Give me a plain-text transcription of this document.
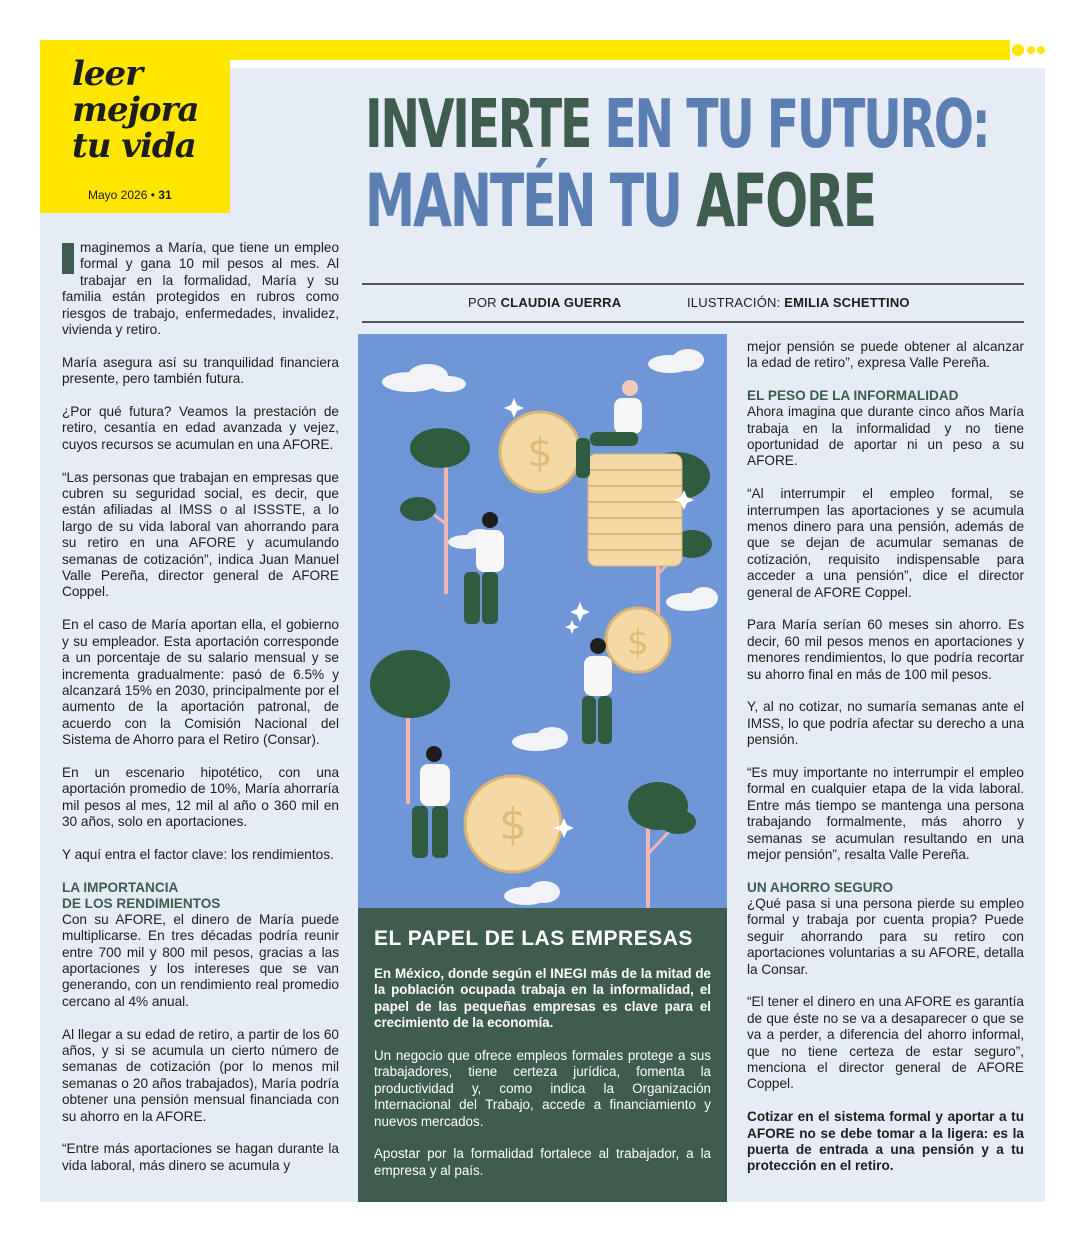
leer
mejora
tu vida
Mayo 2026 • 31
INVIERTE EN TU FUTURO:
MANTÉN TU AFORE
POR CLAUDIA GUERRA	ILUSTRACIÓN: EMILIA SCHETTINO

maginemos a María, que tiene un empleo formal y gana 10 mil pesos al mes. Al trabajar en la formalidad, María y su familia están protegidos en rubros como riesgos de trabajo, enfermedades, invalidez, vivienda y retiro.

María asegura así su tranquilidad financiera presente, pero también futura.

¿Por qué futura? Veamos la prestación de retiro, cesantía en edad avanzada y vejez, cuyos recursos se acumulan en una AFORE.

“Las personas que trabajan en empresas que cubren su seguridad social, es decir, que están afiliadas al IMSS o al ISSSTE, a lo largo de su vida laboral van ahorrando para su retiro en una AFORE y acumulando semanas de cotización”, indica Juan Manuel Valle Pereña, director general de AFORE Coppel.

En el caso de María aportan ella, el gobierno y su empleador. Esta aportación corresponde a un porcentaje de su salario mensual y se incrementa gradualmente: pasó de 6.5% y alcanzará 15% en 2030, principalmente por el aumento de la aportación patronal, de acuerdo con la Comisión Nacional del Sistema de Ahorro para el Retiro (Consar).

En un escenario hipotético, con una aportación promedio de 10%, María ahorraría mil pesos al mes, 12 mil al año o 360 mil en 30 años, solo en aportaciones.

Y aquí entra el factor clave: los rendimientos.

LA IMPORTANCIA
DE LOS RENDIMIENTOS

Con su AFORE, el dinero de María puede multiplicarse. En tres décadas podría reunir entre 700 mil y 800 mil pesos, gracias a las aportaciones y los intereses que se van generando, con un rendimiento real promedio cercano al 4% anual.

Al llegar a su edad de retiro, a partir de los 60 años, y si se acumula un cierto número de semanas de cotización (por lo menos mil semanas o 20 años trabajados), María podría obtener una pensión mensual financiada con su ahorro en la AFORE.

“Entre más aportaciones se hagan durante la vida laboral, más dinero se acumula y

$
$
$
EL PAPEL DE LAS EMPRESAS

En México, donde según el INEGI más de la mitad de la población ocupada trabaja en la informalidad, el papel de las pequeñas empresas es clave para el crecimiento de la economía.

Un negocio que ofrece empleos formales protege a sus trabajadores, tiene certeza jurídica, fomenta la productividad y, como indica la Organización Internacional del Trabajo, accede a financiamiento y nuevos mercados.

Apostar por la formalidad fortalece al trabajador, a la empresa y al país.

mejor pensión se puede obtener al alcanzar la edad de retiro”, expresa Valle Pereña.

EL PESO DE LA INFORMALIDAD

Ahora imagina que durante cinco años María trabaja en la informalidad y no tiene oportunidad de aportar ni un peso a su AFORE.

“Al interrumpir el empleo formal, se interrumpen las aportaciones y se acumula menos dinero para una pensión, además de que se dejan de acumular semanas de cotización, requisito indispensable para acceder a una pensión”, dice el director general de AFORE Coppel.

Para María serían 60 meses sin ahorro. Es decir, 60 mil pesos menos en aportaciones y menores rendimientos, lo que podría recortar su ahorro final en más de 100 mil pesos.

Y, al no cotizar, no sumaría semanas ante el IMSS, lo que podría afectar su derecho a una pensión.

“Es muy importante no interrumpir el empleo formal en cualquier etapa de la vida laboral. Entre más tiempo se mantenga una persona trabajando formalmente, más ahorro y semanas se acumulan resultando en una mejor pensión”, resalta Valle Pereña.

UN AHORRO SEGURO

¿Qué pasa si una persona pierde su empleo formal y trabaja por cuenta propia? Puede seguir ahorrando para su retiro con aportaciones voluntarias a su AFORE, detalla la Consar.

“El tener el dinero en una AFORE es garantía de que éste no se va a desaparecer o que se va a perder, a diferencia del ahorro informal, que no tiene certeza de estar seguro”, menciona el director general de AFORE Coppel.

Cotizar en el sistema formal y aportar a tu AFORE no se debe tomar a la ligera: es la puerta de entrada a una pensión y a tu protección en el retiro.
